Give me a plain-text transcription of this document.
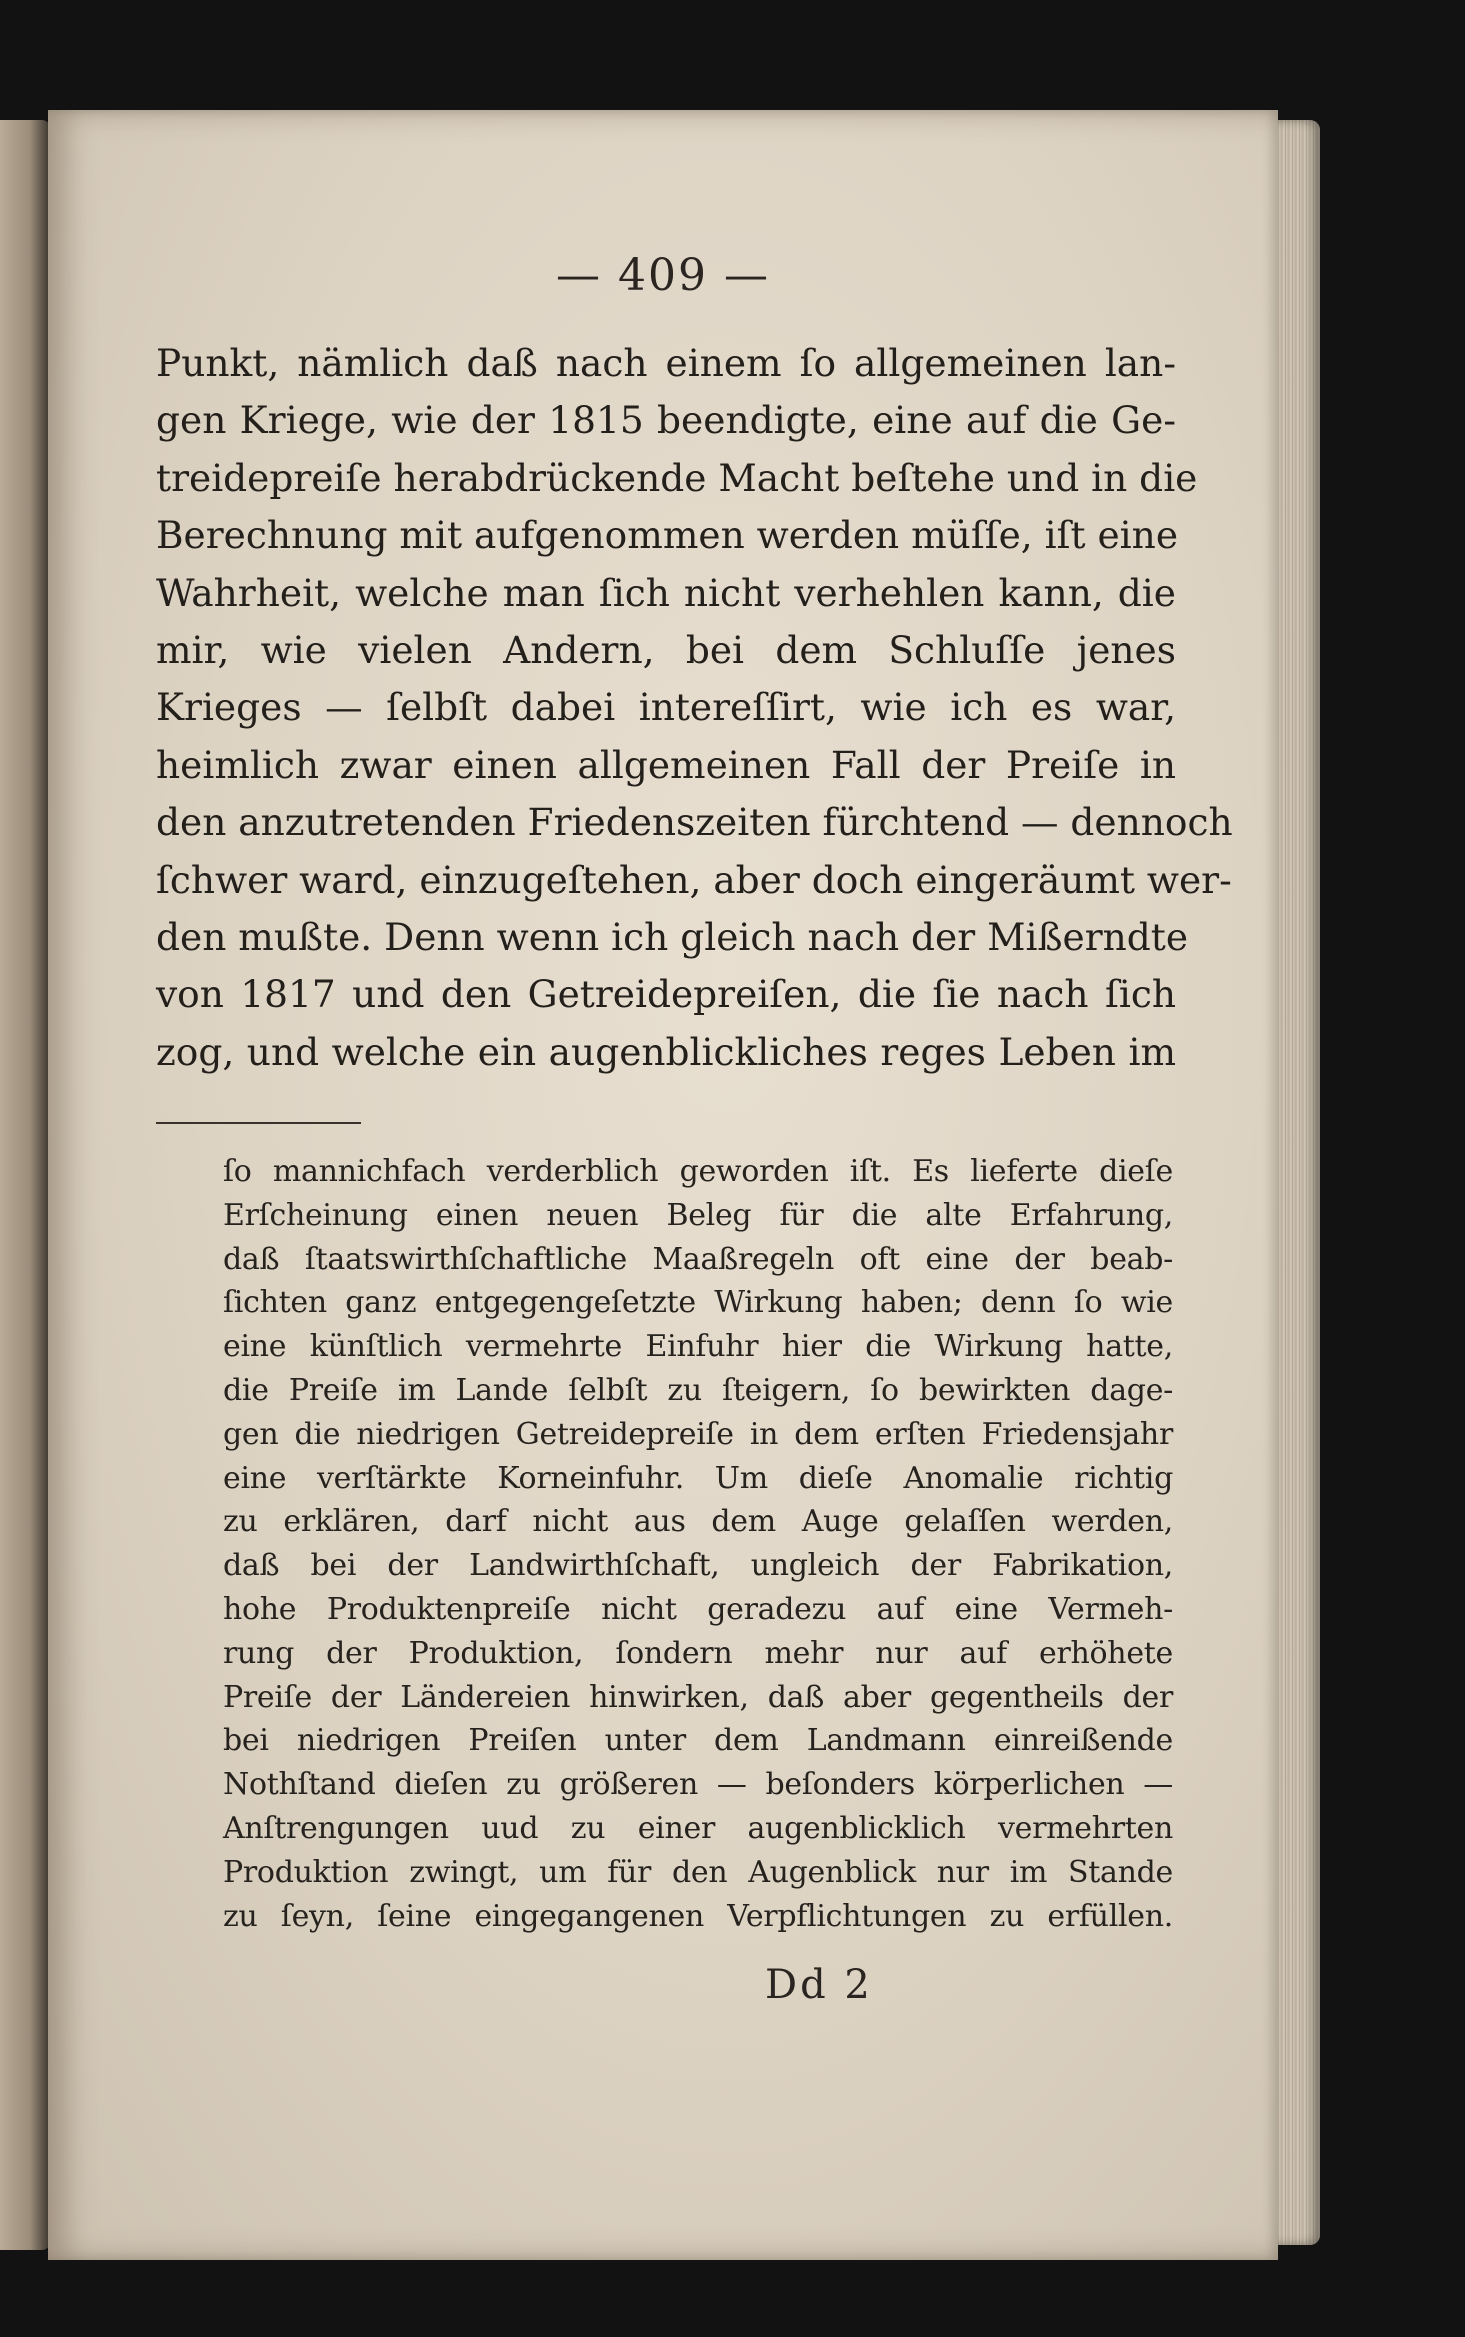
— 409 —
Punkt, nämlich daß nach einem ſo allgemeinen lan-
gen Kriege, wie der 1815 beendigte, eine auf die Ge-
treidepreiſe herabdrückende Macht beſtehe und in die
Berechnung mit aufgenommen werden müſſe, iſt eine
Wahrheit, welche man ſich nicht verhehlen kann, die
mir, wie vielen Andern, bei dem Schluſſe jenes
Krieges — ſelbſt dabei intereſſirt, wie ich es war,
heimlich zwar einen allgemeinen Fall der Preiſe in
den anzutretenden Friedenszeiten fürchtend — dennoch
ſchwer ward, einzugeſtehen, aber doch eingeräumt wer-
den mußte. Denn wenn ich gleich nach der Mißerndte
von 1817 und den Getreidepreiſen, die ſie nach ſich
zog, und welche ein augenblickliches reges Leben im
ſo mannichfach verderblich geworden iſt. Es lieferte dieſe
Erſcheinung einen neuen Beleg für die alte Erfahrung,
daß ſtaatswirthſchaftliche Maaßregeln oft eine der beab-
ſichten ganz entgegengeſetzte Wirkung haben; denn ſo wie
eine künſtlich vermehrte Einfuhr hier die Wirkung hatte,
die Preiſe im Lande ſelbſt zu ſteigern, ſo bewirkten dage-
gen die niedrigen Getreidepreiſe in dem erſten Friedensjahr
eine verſtärkte Korneinfuhr. Um dieſe Anomalie richtig
zu erklären, darf nicht aus dem Auge gelaſſen werden,
daß bei der Landwirthſchaft, ungleich der Fabrikation,
hohe Produktenpreiſe nicht geradezu auf eine Vermeh-
rung der Produktion, ſondern mehr nur auf erhöhete
Preiſe der Ländereien hinwirken, daß aber gegentheils der
bei niedrigen Preiſen unter dem Landmann einreißende
Nothſtand dieſen zu größeren — beſonders körperlichen —
Anſtrengungen uud zu einer augenblicklich vermehrten
Produktion zwingt, um für den Augenblick nur im Stande
zu ſeyn, ſeine eingegangenen Verpflichtungen zu erfüllen.
Dd 2
